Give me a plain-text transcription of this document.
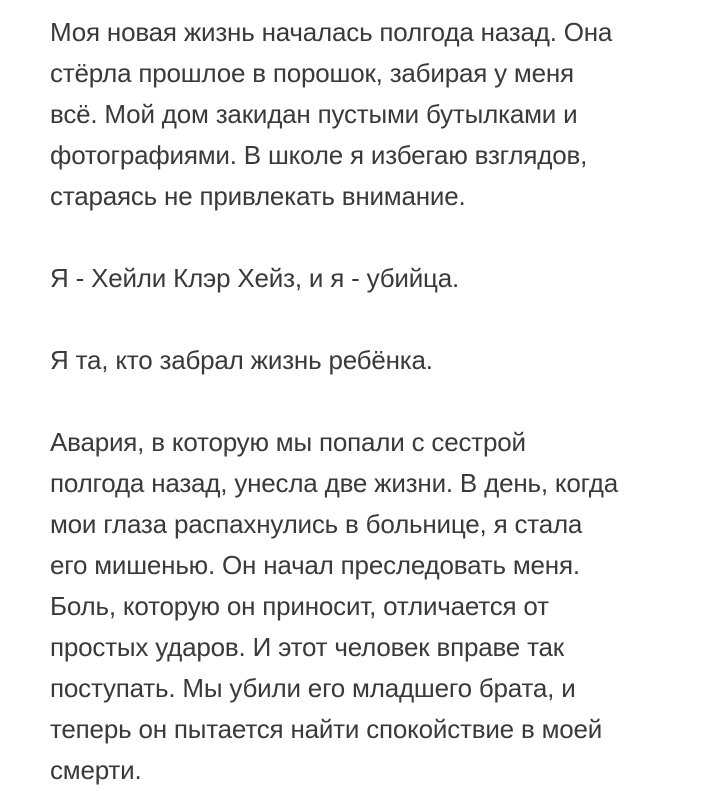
Моя новая жизнь началась полгода назад. Она
стёрла прошлое в порошок, забирая у меня
всё. Мой дом закидан пустыми бутылками и
фотографиями. В школе я избегаю взглядов,
стараясь не привлекать внимание.

Я - Хейли Клэр Хейз, и я - убийца.

Я та, кто забрал жизнь ребёнка.

Авария, в которую мы попали с сестрой
полгода назад, унесла две жизни. В день, когда
мои глаза распахнулись в больнице, я стала
его мишенью. Он начал преследовать меня.
Боль, которую он приносит, отличается от
простых ударов. И этот человек вправе так
поступать. Мы убили его младшего брата, и
теперь он пытается найти спокойствие в моей
смерти.
